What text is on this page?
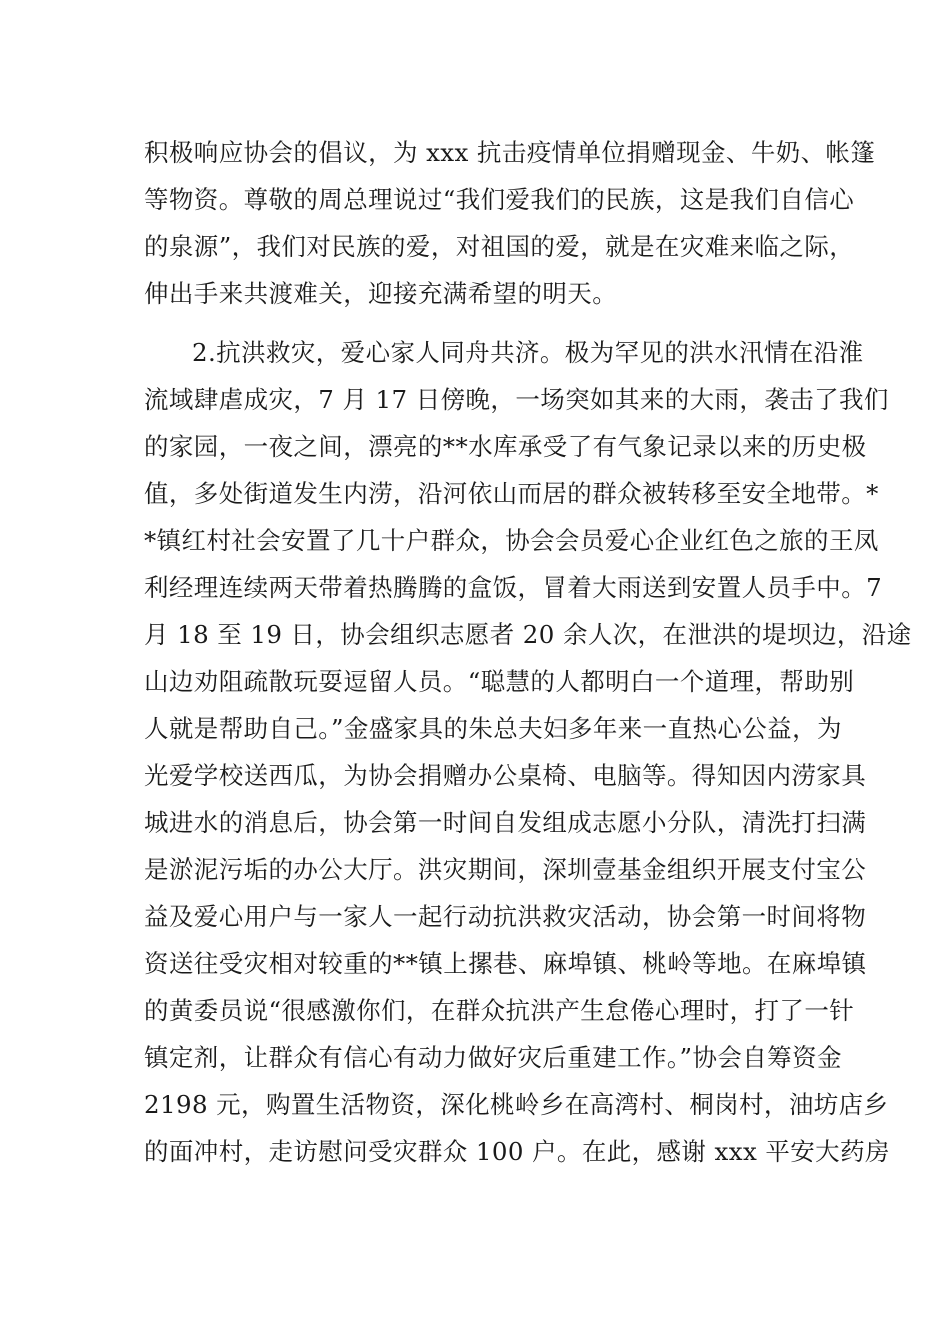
积极响应协会的倡议，为 xxx 抗击疫情单位捐赠现金、牛奶、帐篷
等物资。尊敬的周总理说过“我们爱我们的民族，这是我们自信心
的泉源”，我们对民族的爱，对祖国的爱，就是在灾难来临之际，
伸出手来共渡难关，迎接充满希望的明天。
2.抗洪救灾，爱心家人同舟共济。极为罕见的洪水汛情在沿淮
流域肆虐成灾，7 月 17 日傍晚，一场突如其来的大雨，袭击了我们
的家园，一夜之间，漂亮的**水库承受了有气象记录以来的历史极
值，多处街道发生内涝，沿河依山而居的群众被转移至安全地带。*
*镇红村社会安置了几十户群众，协会会员爱心企业红色之旅的王凤
利经理连续两天带着热腾腾的盒饭，冒着大雨送到安置人员手中。7
月 18 至 19 日，协会组织志愿者 20 余人次，在泄洪的堤坝边，沿途
山边劝阻疏散玩耍逗留人员。“聪慧的人都明白一个道理，帮助别
人就是帮助自己。”金盛家具的朱总夫妇多年来一直热心公益，为
光爱学校送西瓜，为协会捐赠办公桌椅、电脑等。得知因内涝家具
城进水的消息后，协会第一时间自发组成志愿小分队，清洗打扫满
是淤泥污垢的办公大厅。洪灾期间，深圳壹基金组织开展支付宝公
益及爱心用户与一家人一起行动抗洪救灾活动，协会第一时间将物
资送往受灾相对较重的**镇上摞巷、麻埠镇、桃岭等地。在麻埠镇
的黄委员说“很感激你们，在群众抗洪产生怠倦心理时，打了一针
镇定剂，让群众有信心有动力做好灾后重建工作。”协会自筹资金
2198 元，购置生活物资，深化桃岭乡在高湾村、桐岗村，油坊店乡
的面冲村，走访慰问受灾群众 100 户。在此，感谢 xxx 平安大药房
